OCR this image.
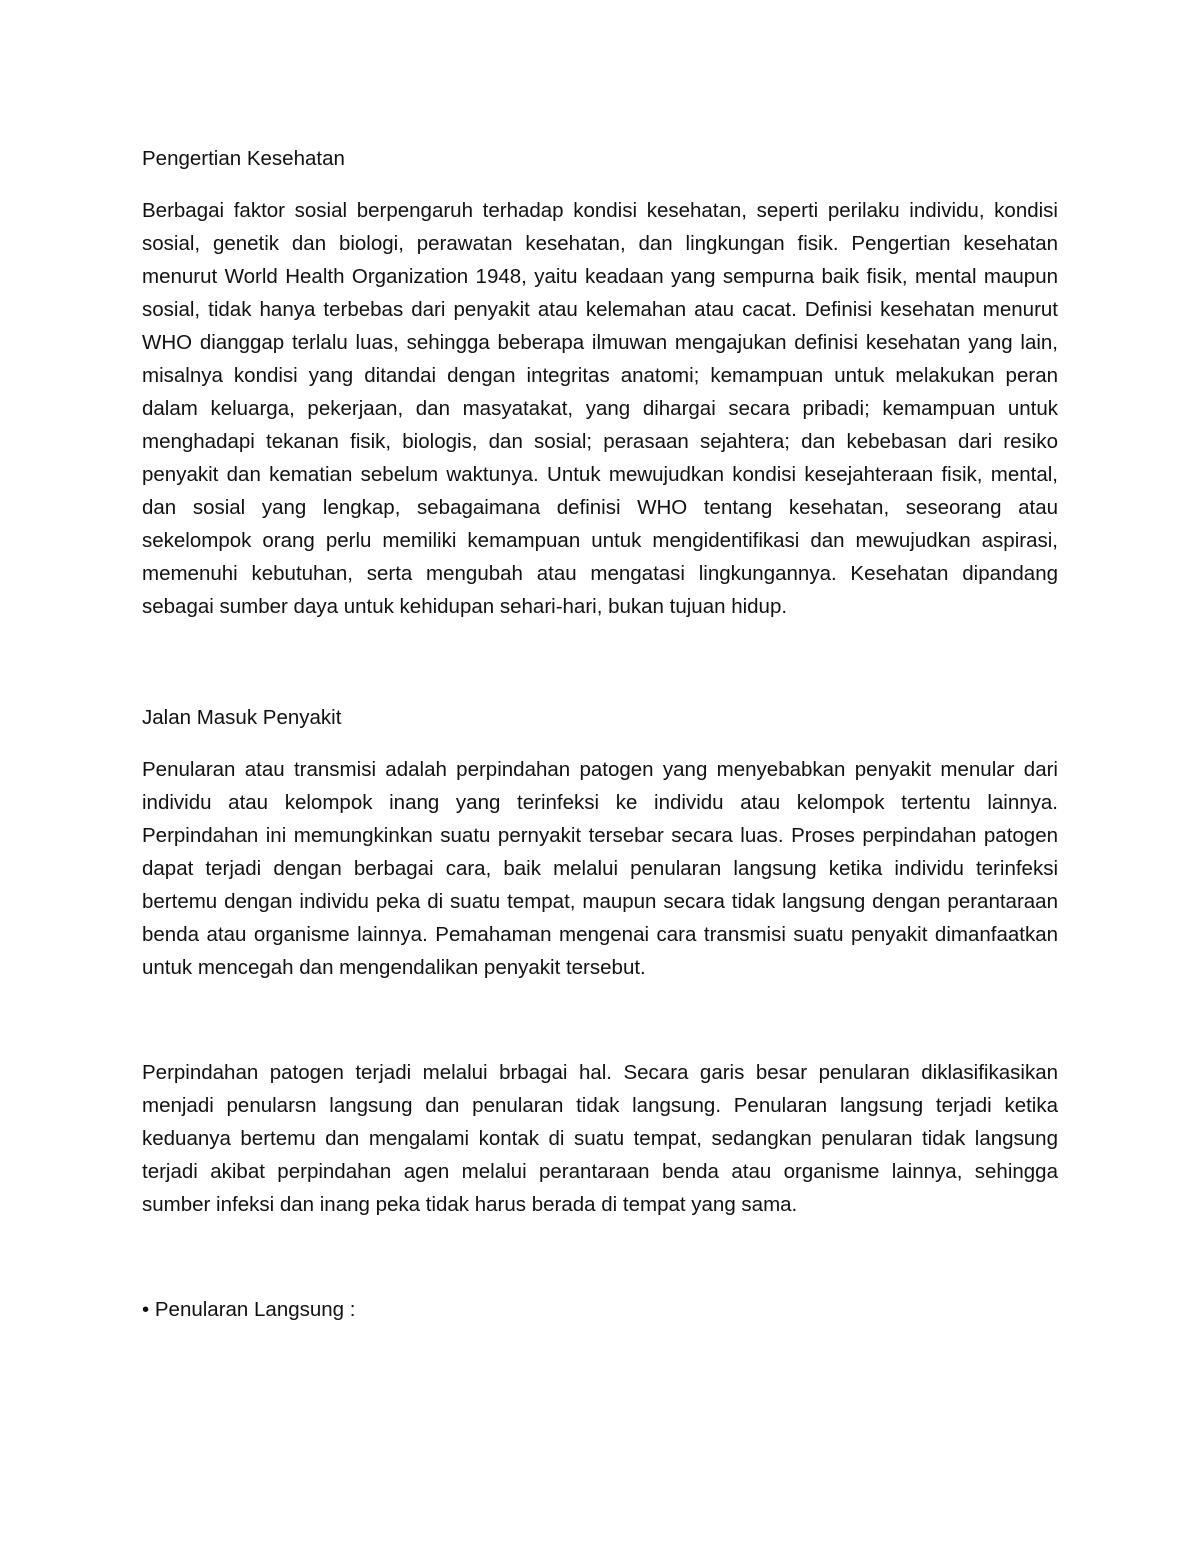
Pengertian Kesehatan

Berbagai faktor sosial berpengaruh terhadap kondisi kesehatan, seperti perilaku individu, kondisi sosial, genetik dan biologi, perawatan kesehatan, dan lingkungan fisik. Pengertian kesehatan menurut World Health Organization 1948, yaitu keadaan yang sempurna baik fisik, mental maupun sosial, tidak hanya terbebas dari penyakit atau kelemahan atau cacat. Definisi kesehatan menurut WHO dianggap terlalu luas, sehingga beberapa ilmuwan mengajukan definisi kesehatan yang lain, misalnya kondisi yang ditandai dengan integritas anatomi; kemampuan untuk melakukan peran dalam keluarga, pekerjaan, dan masyatakat, yang dihargai secara pribadi; kemampuan untuk menghadapi tekanan fisik, biologis, dan sosial; perasaan sejahtera; dan kebebasan dari resiko penyakit dan kematian sebelum waktunya. Untuk mewujudkan kondisi kesejahteraan fisik, mental, dan sosial yang lengkap, sebagaimana definisi WHO tentang kesehatan, seseorang atau sekelompok orang perlu memiliki kemampuan untuk mengidentifikasi dan mewujudkan aspirasi, memenuhi kebutuhan, serta mengubah atau mengatasi lingkungannya. Kesehatan dipandang sebagai sumber daya untuk kehidupan sehari-hari, bukan tujuan hidup.

Jalan Masuk Penyakit

Penularan atau transmisi adalah perpindahan patogen yang menyebabkan penyakit menular dari individu atau kelompok inang yang terinfeksi ke individu atau kelompok tertentu lainnya. Perpindahan ini memungkinkan suatu pernyakit tersebar secara luas. Proses perpindahan patogen dapat terjadi dengan berbagai cara, baik melalui penularan langsung ketika individu terinfeksi bertemu dengan individu peka di suatu tempat, maupun secara tidak langsung dengan perantaraan benda atau organisme lainnya. Pemahaman mengenai cara transmisi suatu penyakit dimanfaatkan untuk mencegah dan mengendalikan penyakit tersebut.

Perpindahan patogen terjadi melalui brbagai hal. Secara garis besar penularan diklasifikasikan menjadi penularsn langsung dan penularan tidak langsung. Penularan langsung terjadi ketika keduanya bertemu dan mengalami kontak di suatu tempat, sedangkan penularan tidak langsung terjadi akibat perpindahan agen melalui perantaraan benda atau organisme lainnya, sehingga sumber infeksi dan inang peka tidak harus berada di tempat yang sama.

• Penularan Langsung :
